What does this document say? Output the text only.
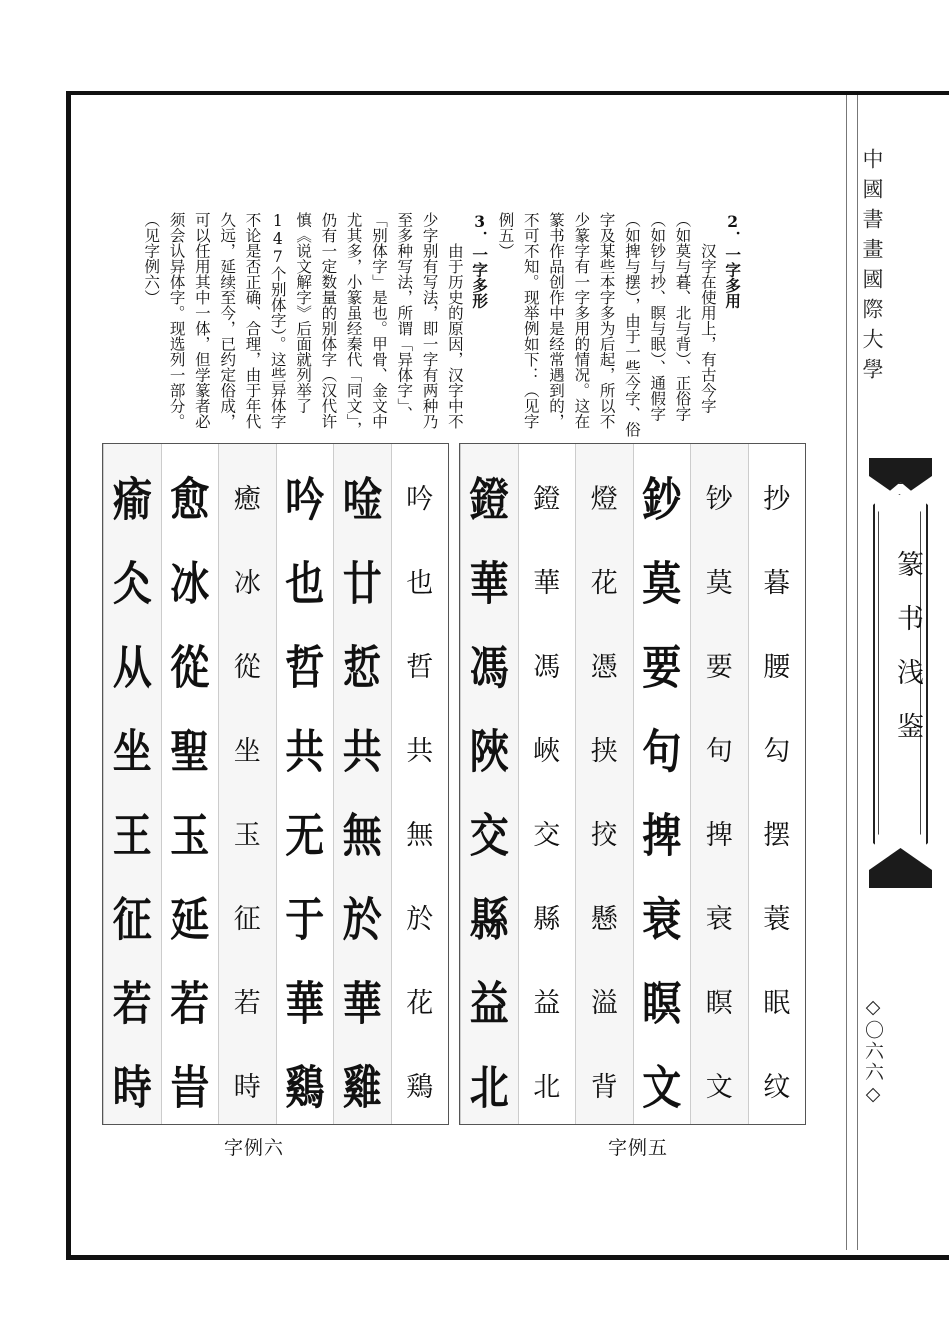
中國書畫國際大學
篆书浅鉴
◇〇六六◇

2．一字多用

汉字在使用上，有古今字（如莫与暮、北与背）、正俗字（如钞与抄、瞑与眠）、通假字（如捭与摆），由于一些今字、俗字及某些本字多为后起，所以不少篆字有一字多用的情况。这在篆书作品创作中是经常遇到的，不可不知。现举例如下：（见字例五）

3．一字多形

由于历史的原因，汉字中不少字别有写法，即一字有两种乃至多种写法，所谓「异体字」、「别体字」是也。甲骨、金文中尤其多，小篆虽经秦代「同文」，仍有一定数量的别体字（汉代许慎《说文解字》后面就列举了147个别体字）。这些异体字不论是否正确、合理，由于年代久远，延续至今，已约定俗成，可以任用其中一体，但学篆者必须会认异体字。现选列一部分。（见字例六）

抄
暮
腰
勾
摆
蓑
眠
纹
钞
莫
要
句
捭
衰
瞑
文
鈔
莫
要
句
捭
衰
瞑
文
燈
花
憑
挟
挍
懸
溢
背
鐙
華
馮
峽
交
縣
益
北
鐙
華
馮
陜
交
縣
益
北
字例五
吟
也
哲
共
無
於
花
鶏
唫
廿
悊
共
無
於
華
雞
吟
也
哲
共
无
于
華
鷄
癒
冰
從
坐
玉
征
若
時
愈
冰
從
聖
玉
延
若
旹
瘉
仌
从
坐
王
征
若
時
字例六
